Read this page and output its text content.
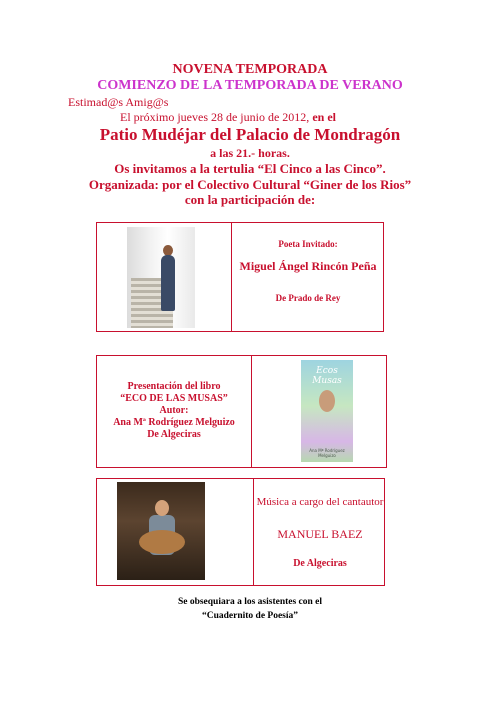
NOVENA TEMPORADA
COMIENZO DE LA TEMPORADA DE VERANO
Estimad@s Amig@s
El próximo jueves 28 de junio de 2012, en el
Patio Mudéjar del Palacio de Mondragón
a las 21.- horas.
Os invitamos a la tertulia “El Cinco a las Cinco”.
Organizada: por el Colectivo Cultural “Giner de los Rios”
con la participación de:
Poeta Invitado:
Miguel Ángel Rincón Peña
De Prado de Rey
Presentación del libro
“ECO DE LAS MUSAS”
Autor:
Ana Mª Rodríguez Melguizo
De Algeciras
Ecos Musas
Ana Mª Rodríguez Melguizo
Música a cargo del cantautor
MANUEL BAEZ
De Algeciras
Se obsequiara a los asistentes con el
“Cuadernito de Poesía”
